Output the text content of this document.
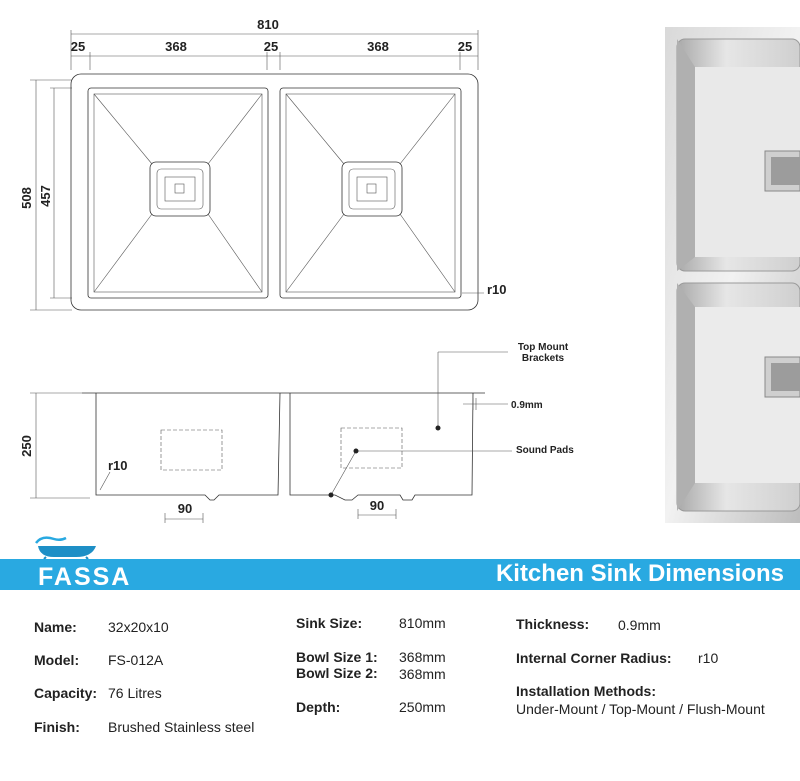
810
25	368	25	368	25
508 457
r10
250
r10
90	90
Top Mount Brackets
0.9mm
Sound Pads
FASSA	Kitchen Sink Dimensions
Name: 32x20x10
Model: FS-012A
Capacity: 76 Litres
Finish: Brushed Stainless steel
Sink Size:	810mm
Bowl Size 1: 368mm
Bowl Size 2: 368mm
Depth:	250mm
Thickness: 0.9mm
Internal Corner Radius: r10
Installation Methods:
Under-Mount / Top-Mount / Flush-Mount
